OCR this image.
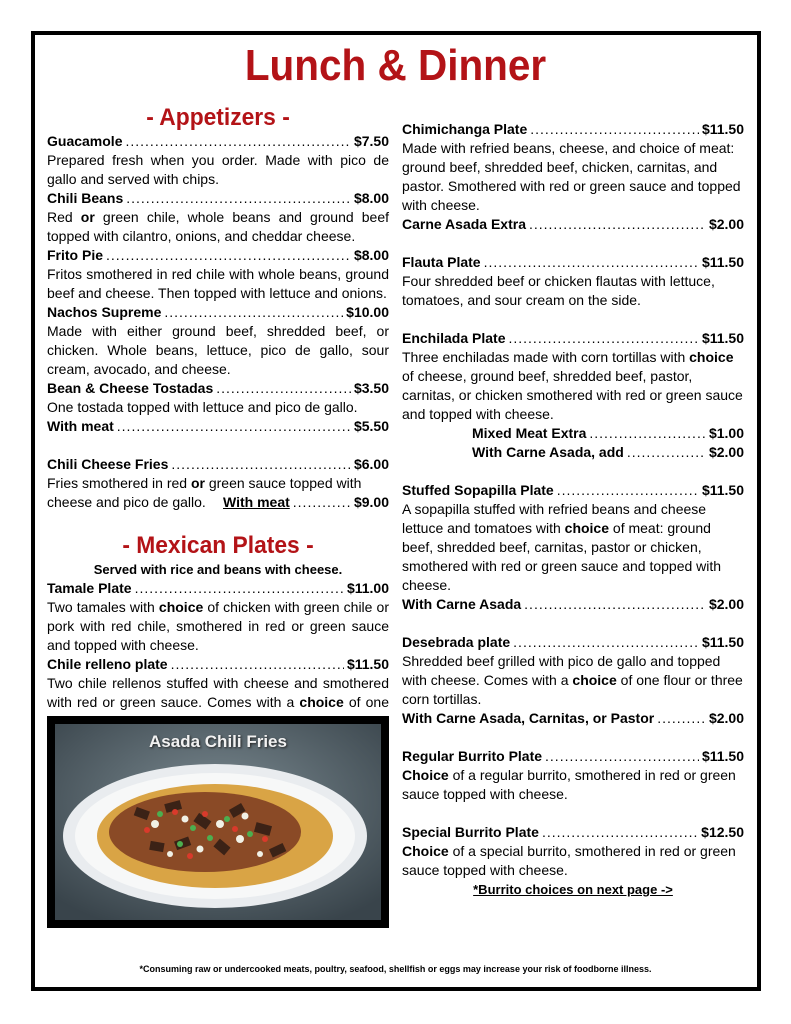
Lunch & Dinner
- Appetizers -
Guacamole .....	$7.50
Prepared fresh when you order. Made with pico de gallo and served with chips.
Chili Beans .....	$8.00
Red or green chile, whole beans and ground beef topped with cilantro, onions, and cheddar cheese.
Frito Pie .....	$8.00
Fritos smothered in red chile with whole beans, ground beef and cheese. Then topped with lettuce and onions.
Nachos Supreme .....	$10.00
Made with either ground beef, shredded beef, or chicken. Whole beans, lettuce, pico de gallo, sour cream, avocado, and cheese.
Bean & Cheese Tostadas .....	$3.50
One tostada topped with lettuce and pico de gallo.
With meat .....	$5.50
Chili Cheese Fries .....	$6.00
Fries smothered in red or green sauce topped with cheese and pico de gallo.	With meat .....	$9.00
- Mexican Plates -
Served with rice and beans with cheese.
Tamale Plate .....	$11.00
Two tamales with choice of chicken with green chile or pork with red chile, smothered in red or green sauce and topped with cheese.
Chile relleno plate .....	$11.50
Two chile rellenos stuffed with cheese and smothered with red or green sauce. Comes with a choice of one
Asada Chili Fries
Chimichanga Plate .....	$11.50
Made with refried beans, cheese, and choice of meat: ground beef, shredded beef, chicken, carnitas, and pastor. Smothered with red or green sauce and topped with cheese.
Carne Asada Extra .....	$2.00
Flauta Plate .....	$11.50
Four shredded beef or chicken flautas with lettuce, tomatoes, and sour cream on the side.
Enchilada Plate .....	$11.50
Three enchiladas made with corn tortillas with choice of cheese, ground beef, shredded beef, pastor, carnitas, or chicken smothered with red or green sauce and topped with cheese.
Mixed Meat Extra .....	$1.00
With Carne Asada, add .....	$2.00
Stuffed Sopapilla Plate .....	$11.50
A sopapilla stuffed with refried beans and cheese lettuce and tomatoes with choice of meat: ground beef, shredded beef, carnitas, pastor or chicken, smothered with red or green sauce and topped with cheese.
With Carne Asada .....	$2.00
Desebrada plate .....	$11.50
Shredded beef grilled with pico de gallo and topped with cheese. Comes with a choice of one flour or three corn tortillas.
With Carne Asada, Carnitas, or Pastor .....	$2.00
Regular Burrito Plate .....	$11.50
Choice of a regular burrito, smothered in red or green sauce topped with cheese.
Special Burrito Plate .....	$12.50
Choice of a special burrito, smothered in red or green sauce topped with cheese.
*Burrito choices on next page ->
*Consuming raw or undercooked meats, poultry, seafood, shellfish or eggs may increase your risk of foodborne illness.
